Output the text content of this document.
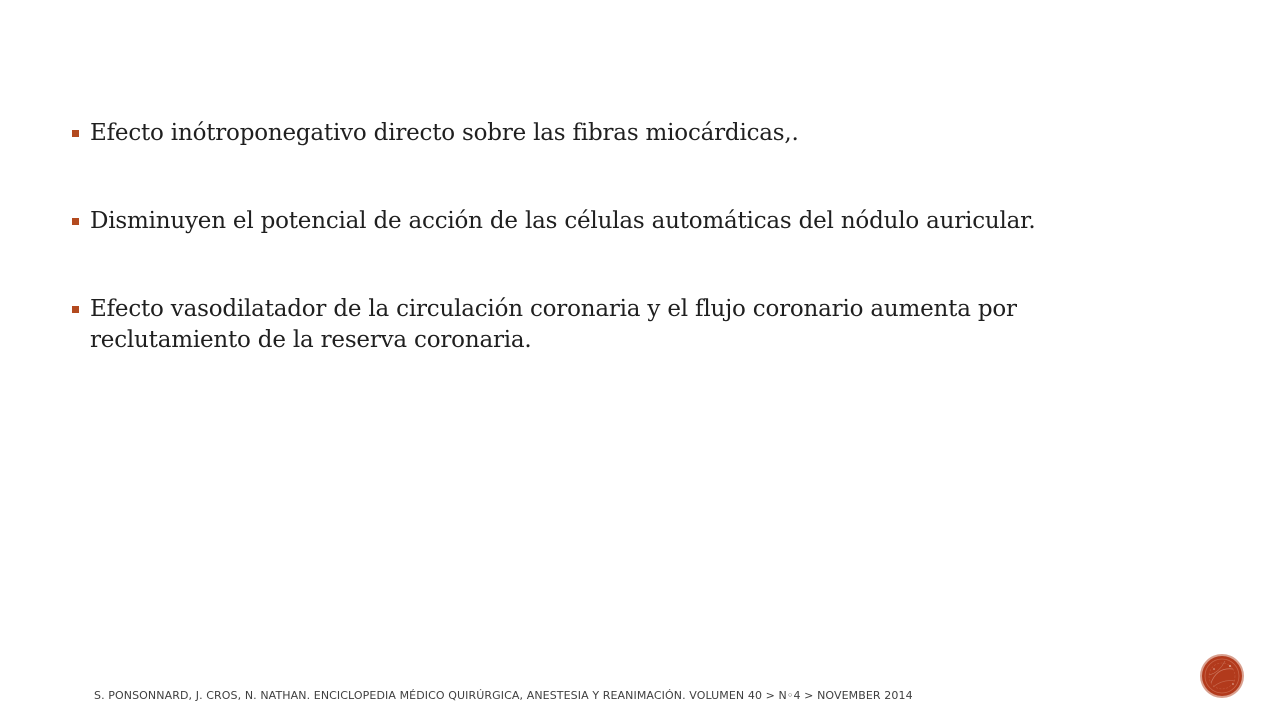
Efecto inótroponegativo directo sobre las fibras miocárdicas,.
Disminuyen el potencial de acción de las células automáticas del nódulo auricular.
Efecto vasodilatador de la circulación coronaria y el flujo coronario aumenta por reclutamiento de la reserva coronaria.
S. PONSONNARD, J. CROS, N. NATHAN. ENCICLOPEDIA MÉDICO QUIRÚRGICA, ANESTESIA Y REANIMACIÓN. VOLUMEN 40 > N◦4 > NOVEMBER 2014
